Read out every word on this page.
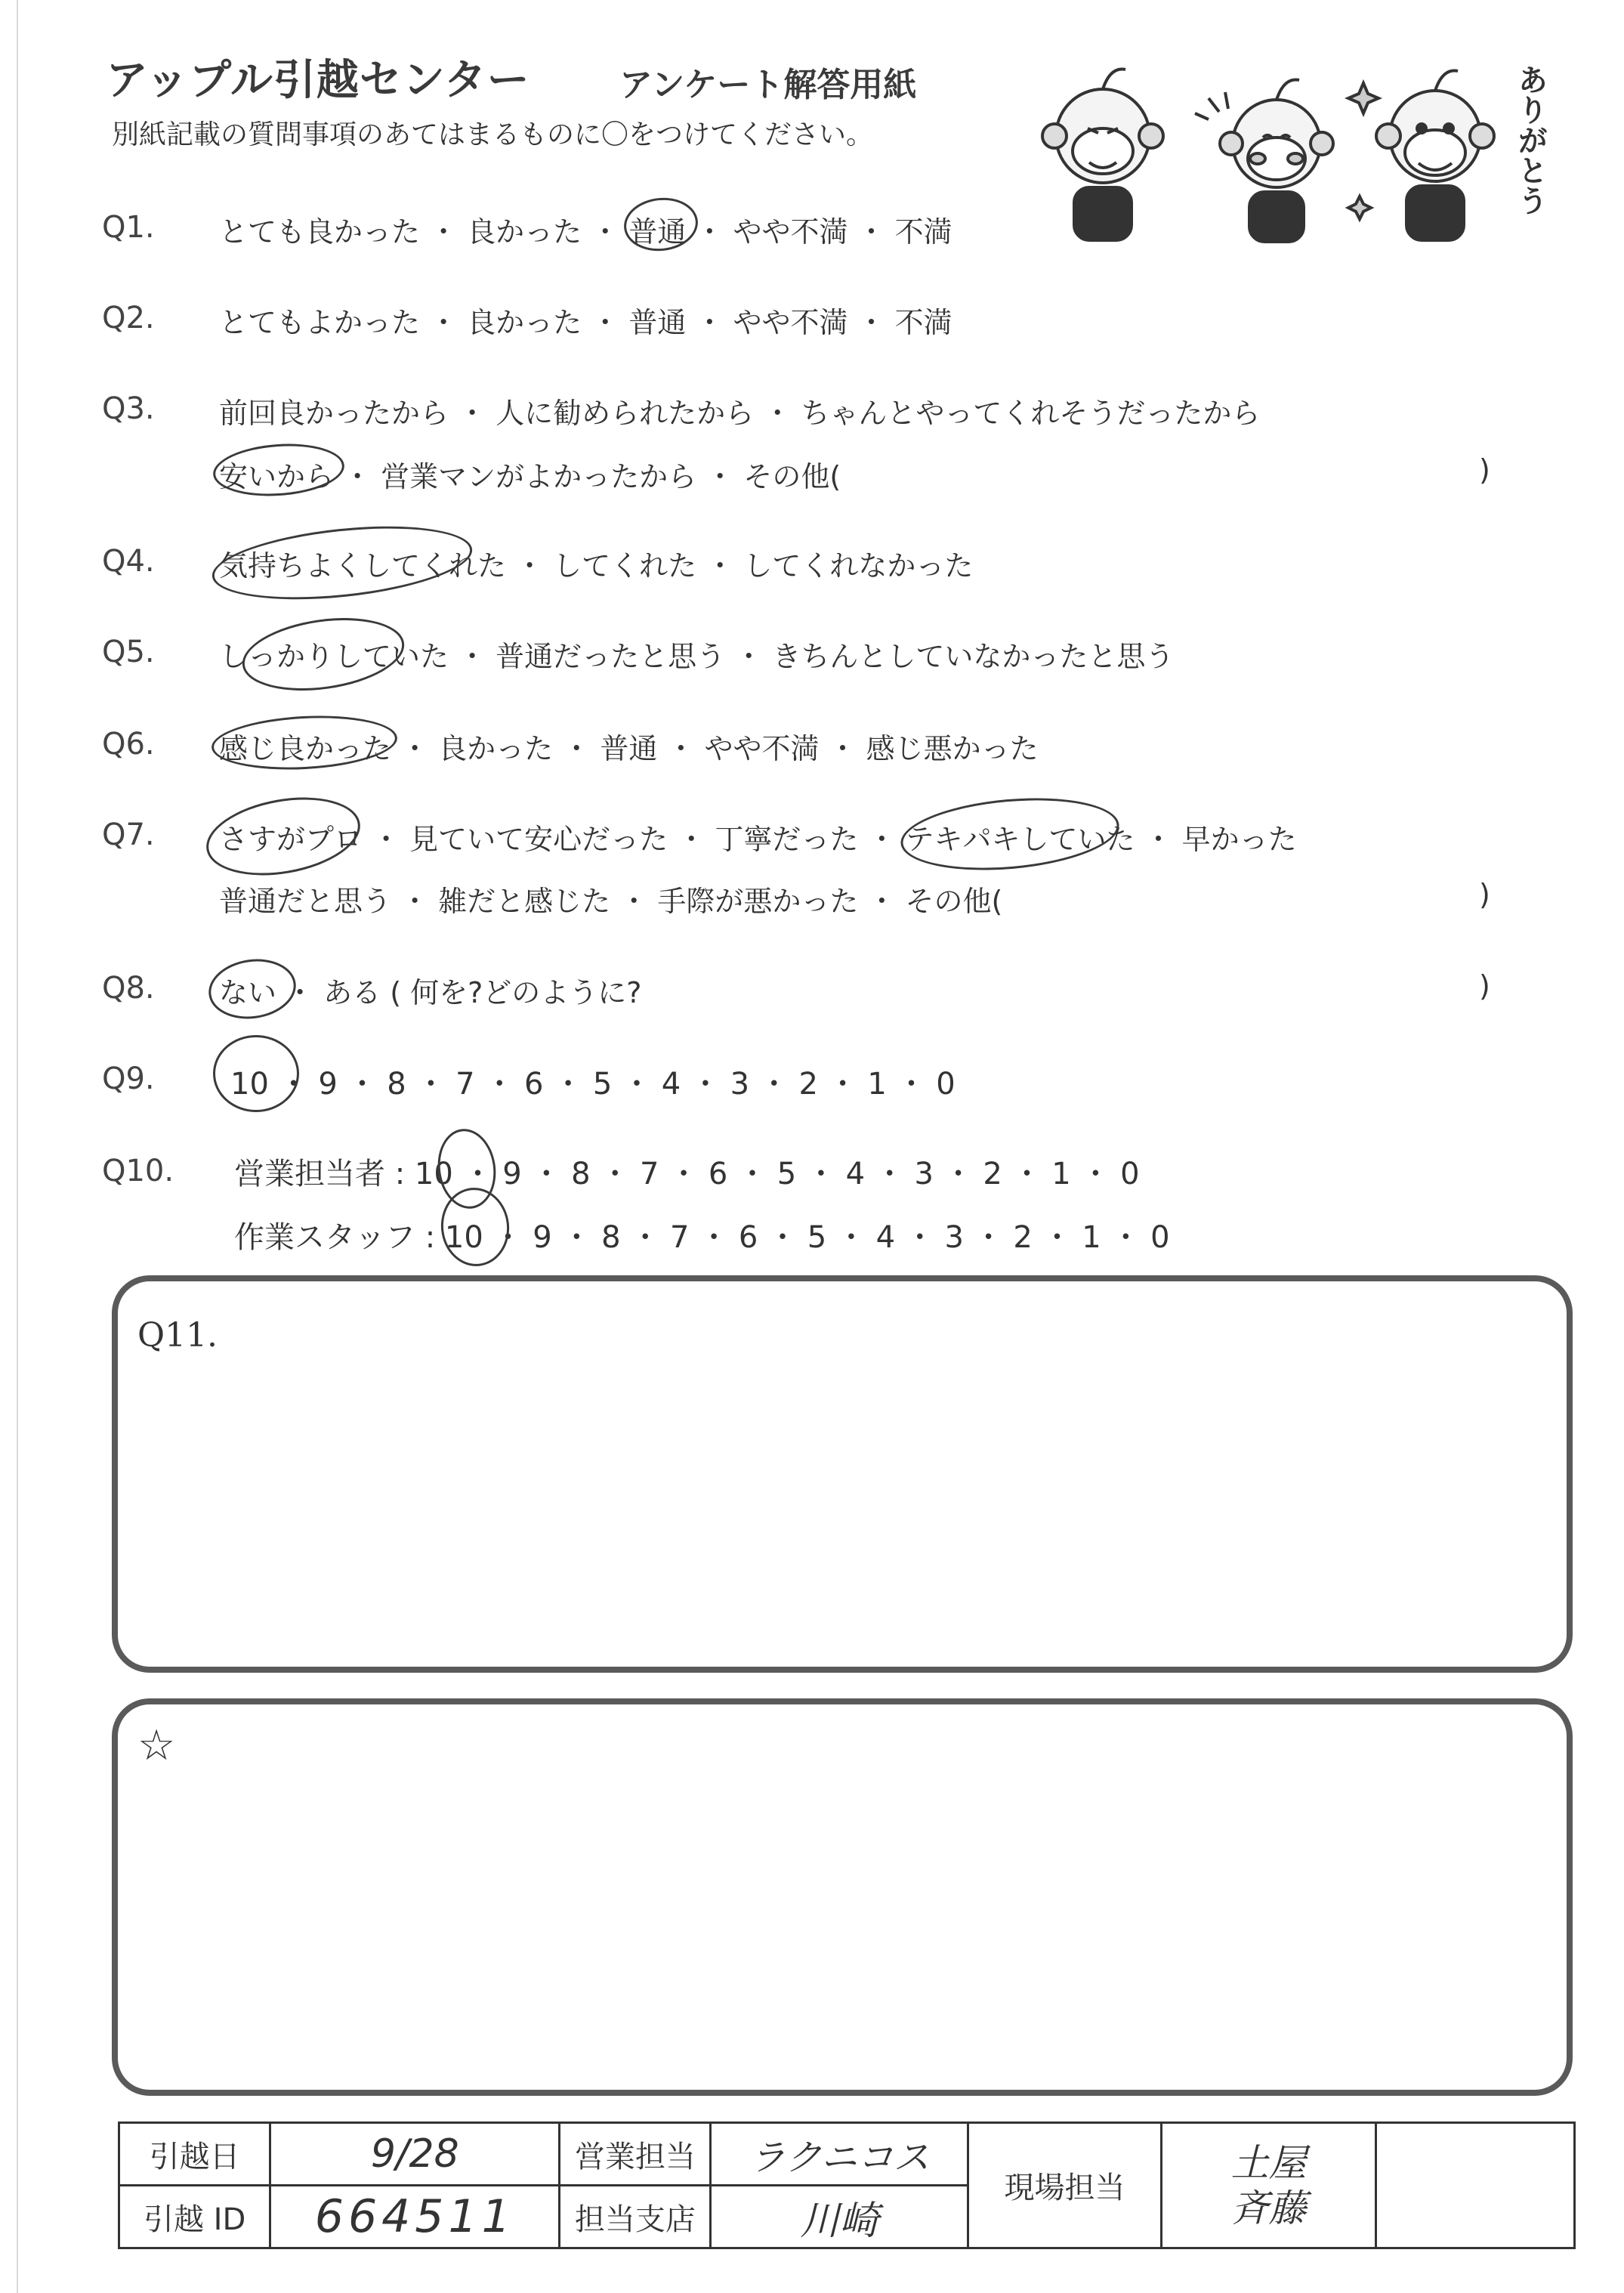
アップル引越センター	アンケート解答用紙
別紙記載の質問事項のあてはまるものに〇をつけてください。	ありがとう
Q1. とても良かった ・ 良かった ・ 普通 ・ やや不満 ・ 不満
Q2. とてもよかった ・ 良かった ・ 普通 ・ やや不満 ・ 不満
Q3. 前回良かったから ・ 人に勧められたから ・ ちゃんとやってくれそうだったから
安いから ・ 営業マンがよかったから ・ その他(	)
Q4. 気持ちよくしてくれた ・ してくれた ・ してくれなかった
Q5. しっかりしていた ・ 普通だったと思う ・ きちんとしていなかったと思う
Q6. 感じ良かった ・ 良かった ・ 普通 ・ やや不満 ・ 感じ悪かった
Q7. さすがプロ ・ 見ていて安心だった ・ 丁寧だった ・ テキパキしていた ・ 早かった
普通だと思う ・ 雑だと感じた ・ 手際が悪かった ・ その他(	)
Q8. ない ・ ある ( 何を?どのように?	)
Q9.	10 ・ 9 ・ 8 ・ 7 ・ 6 ・ 5 ・ 4 ・ 3 ・ 2 ・ 1 ・ 0
Q10. 営業担当者 : 10 ・ 9 ・ 8 ・ 7 ・ 6 ・ 5 ・ 4 ・ 3 ・ 2 ・ 1 ・ 0
作業スタッフ : 10 ・ 9 ・ 8 ・ 7 ・ 6 ・ 5 ・ 4 ・ 3 ・ 2 ・ 1 ・ 0
Q11.
☆
引越日	9/28	営業担当	ラクニコス	現場担当	土屋
斉藤	

引越 ID	664511	担当支店	川崎			
